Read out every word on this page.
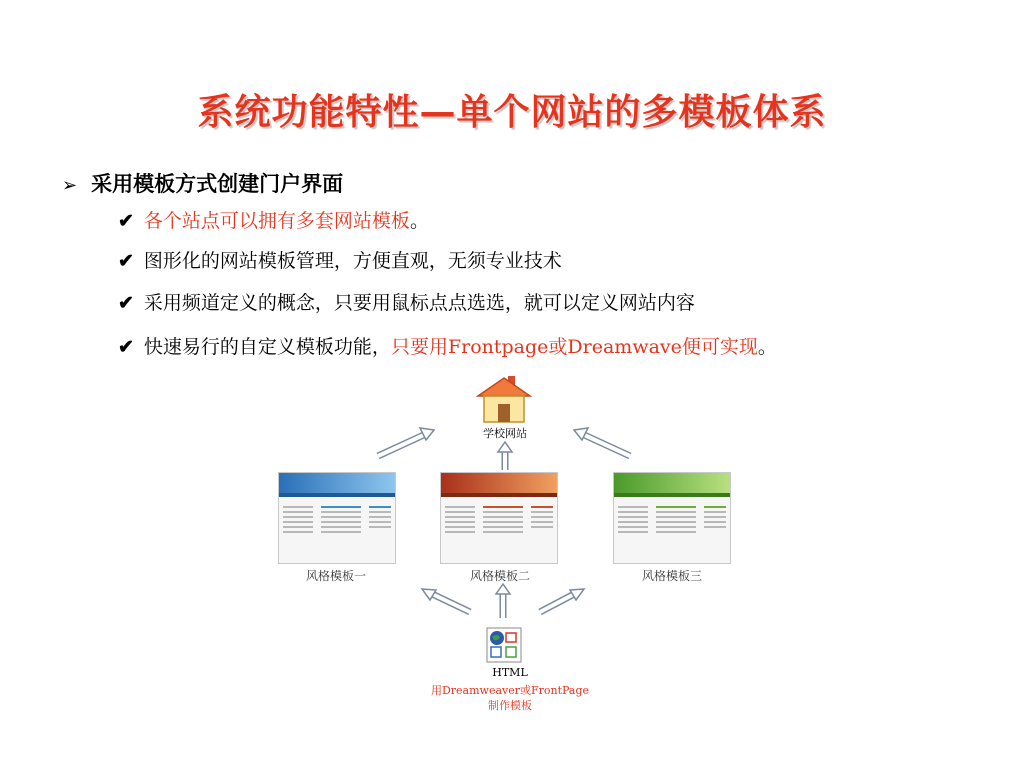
系统功能特性—单个网站的多模板体系
➢ 采用模板方式创建门户界面
✔ 各个站点可以拥有多套网站模板。
✔ 图形化的网站模板管理，方便直观，无须专业技术
✔ 采用频道定义的概念，只要用鼠标点点选选，就可以定义网站内容
✔ 快速易行的自定义模板功能，只要用Frontpage或Dreamwave便可实现。
学校网站
风格模板一	风格模板二	风格模板三
HTML
用Dreamweaver或FrontPage
制作模板
